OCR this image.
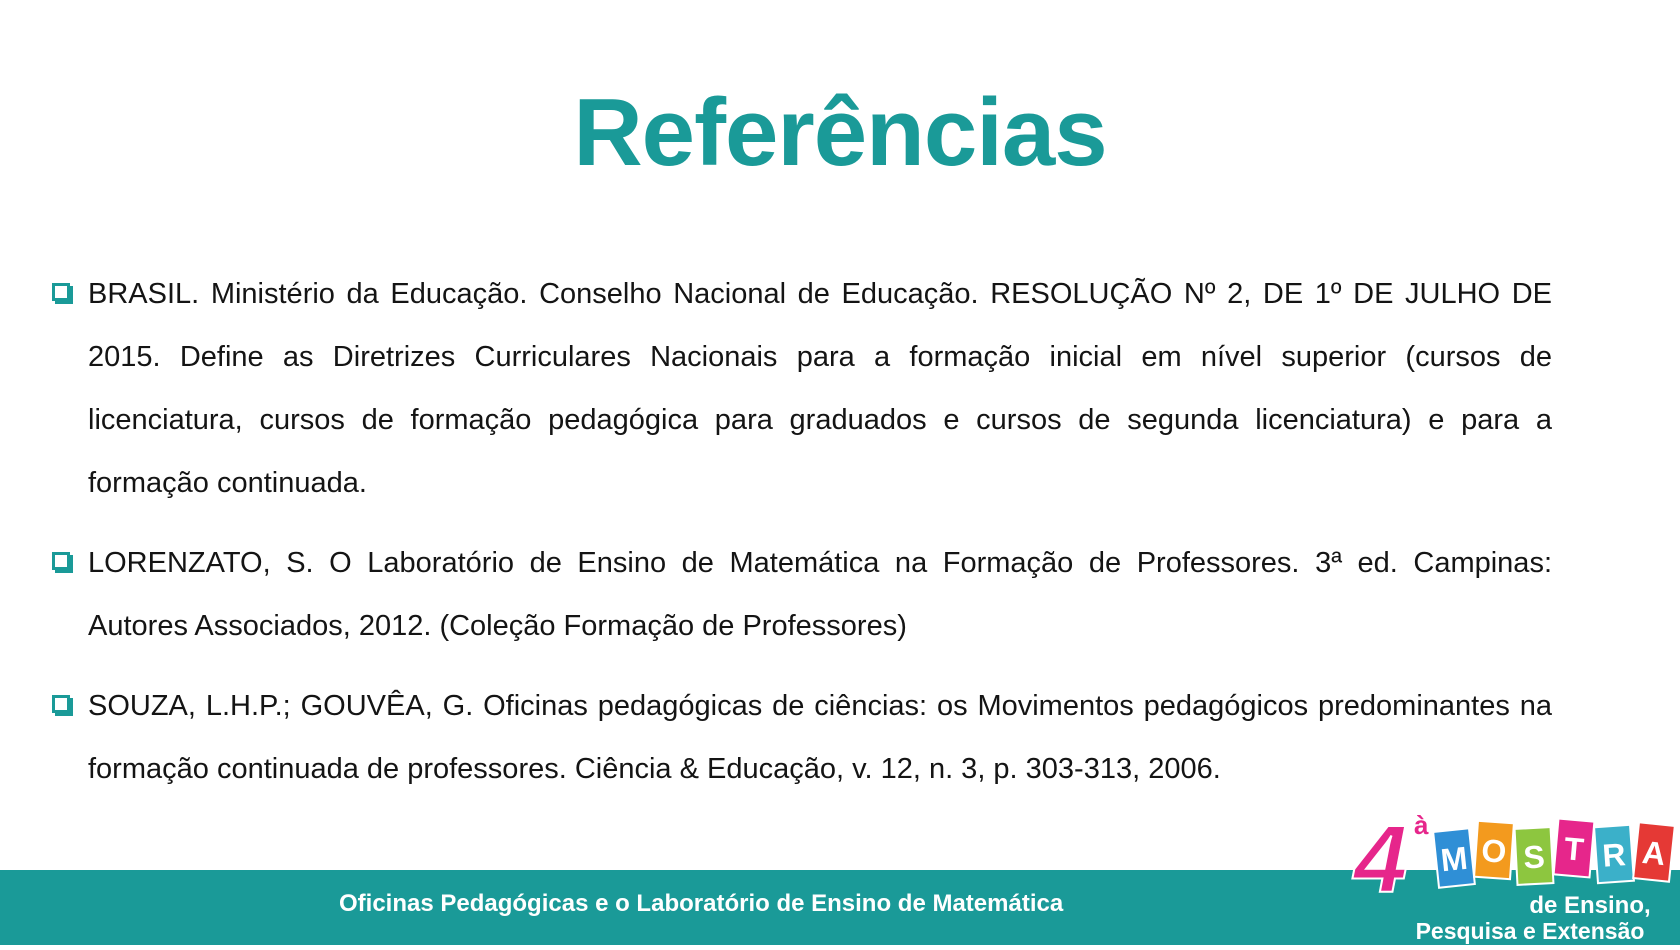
Referências
BRASIL. Ministério da Educação. Conselho Nacional de Educação. RESOLUÇÃO Nº 2, DE 1º DE JULHO DE 2015. Define as Diretrizes Curriculares Nacionais para a formação inicial em nível superior (cursos de licenciatura, cursos de formação pedagógica para graduados e cursos de segunda licenciatura) e para a formação continuada.
LORENZATO, S. O Laboratório de Ensino de Matemática na Formação de Professores. 3ª ed. Campinas: Autores Associados, 2012. (Coleção Formação de Professores)
SOUZA, L.H.P.; GOUVÊA, G. Oficinas pedagógicas de ciências: os Movimentos pedagógicos predominantes na formação continuada de professores. Ciência & Educação, v. 12, n. 3, p. 303-313, 2006.
Oficinas Pedagógicas e o Laboratório de Ensino de Matemática	4 à
M O S T R A
de Ensino,
Pesquisa e Extensão
